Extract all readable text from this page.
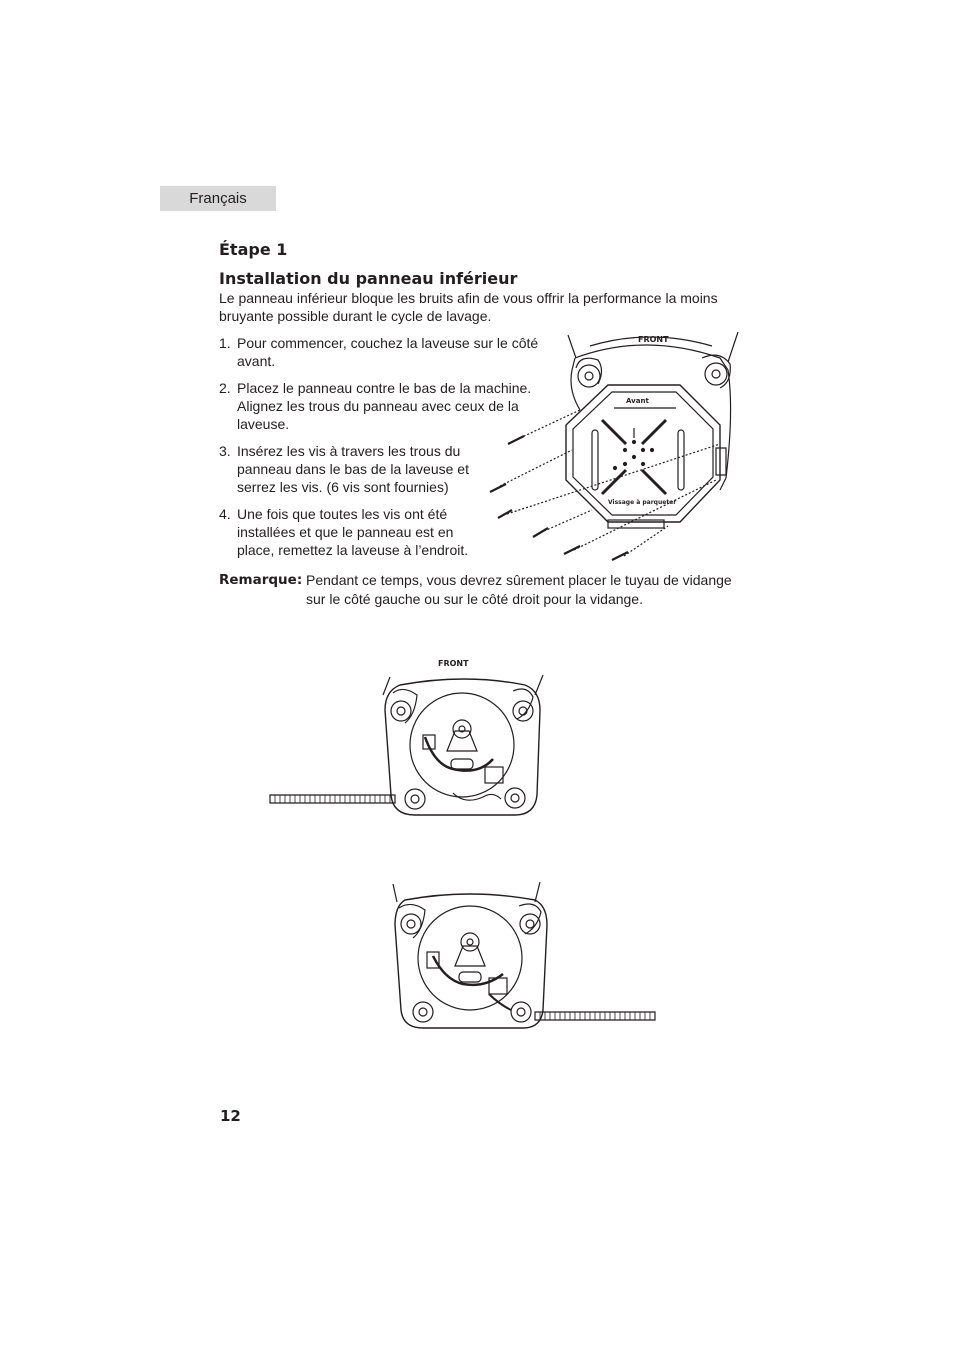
Français
Étape 1
Installation du panneau inférieur

Le panneau inférieur bloque les bruits afin de vous offrir la performance la moins bruyante possible durant le cycle de lavage.

1. Pour commencer, couchez la laveuse sur le côté avant.
2. Placez le panneau contre le bas de la machine. Alignez les trous du panneau avec ceux de la laveuse.
3. Insérez les vis à travers les trous du panneau dans le bas de la laveuse et serrez les vis. (6 vis sont fournies)
4. Une fois que toutes les vis ont été installées et que le panneau est en place, remettez la laveuse à l’endroit.
Remarque: Pendant ce temps, vous devrez sûrement placer le tuyau de vidange sur le côté gauche ou sur le côté droit pour la vidange.
FRONT
Avant
Vissage à parqueter
FRONT
12
